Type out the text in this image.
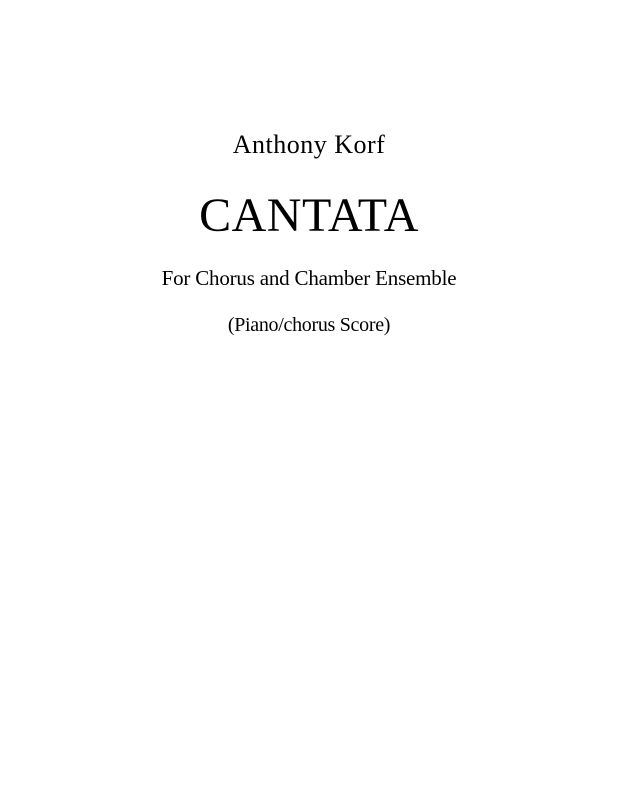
Anthony Korf
CANTATA
For Chorus and Chamber Ensemble
(Piano/chorus Score)
